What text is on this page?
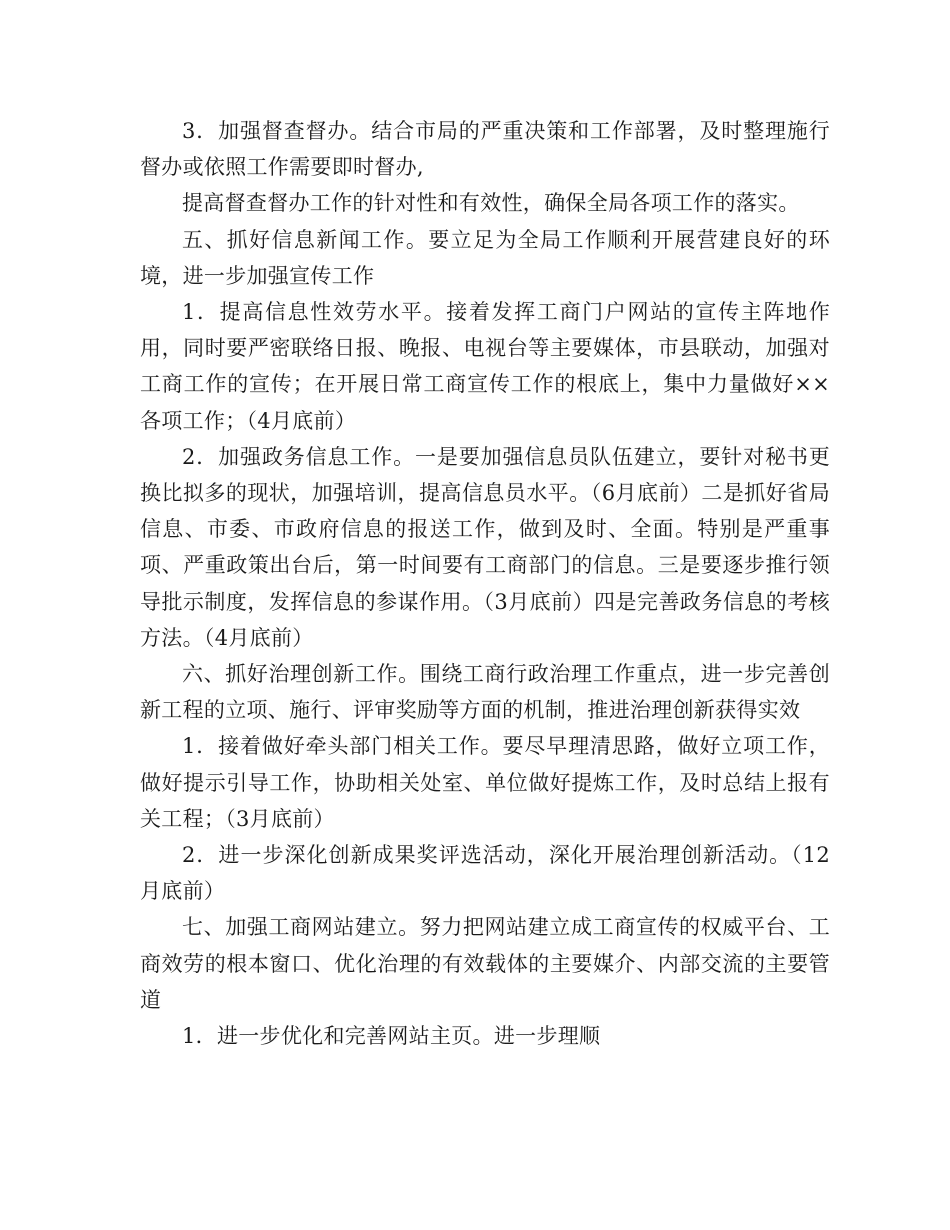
3．加强督查督办。结合市局的严重决策和工作部署，及时整理施行督办或依照工作需要即时督办,

提高督查督办工作的针对性和有效性，确保全局各项工作的落实。

五、抓好信息新闻工作。要立足为全局工作顺利开展营建良好的环境，进一步加强宣传工作

1．提高信息性效劳水平。接着发挥工商门户网站的宣传主阵地作用，同时要严密联络日报、晚报、电视台等主要媒体，市县联动，加强对工商工作的宣传；在开展日常工商宣传工作的根底上，集中力量做好××各项工作；（4月底前）

2．加强政务信息工作。一是要加强信息员队伍建立，要针对秘书更换比拟多的现状，加强培训，提高信息员水平。（6月底前）二是抓好省局信息、市委、市政府信息的报送工作，做到及时、全面。特别是严重事项、严重政策出台后，第一时间要有工商部门的信息。三是要逐步推行领导批示制度，发挥信息的参谋作用。（3月底前）四是完善政务信息的考核方法。（4月底前）

六、抓好治理创新工作。围绕工商行政治理工作重点，进一步完善创新工程的立项、施行、评审奖励等方面的机制，推进治理创新获得实效

1．接着做好牵头部门相关工作。要尽早理清思路，做好立项工作，做好提示引导工作，协助相关处室、单位做好提炼工作，及时总结上报有关工程；（3月底前）

2．进一步深化创新成果奖评选活动，深化开展治理创新活动。（12月底前）

七、加强工商网站建立。努力把网站建立成工商宣传的权威平台、工商效劳的根本窗口、优化治理的有效载体的主要媒介、内部交流的主要管道

1．进一步优化和完善网站主页。进一步理顺
